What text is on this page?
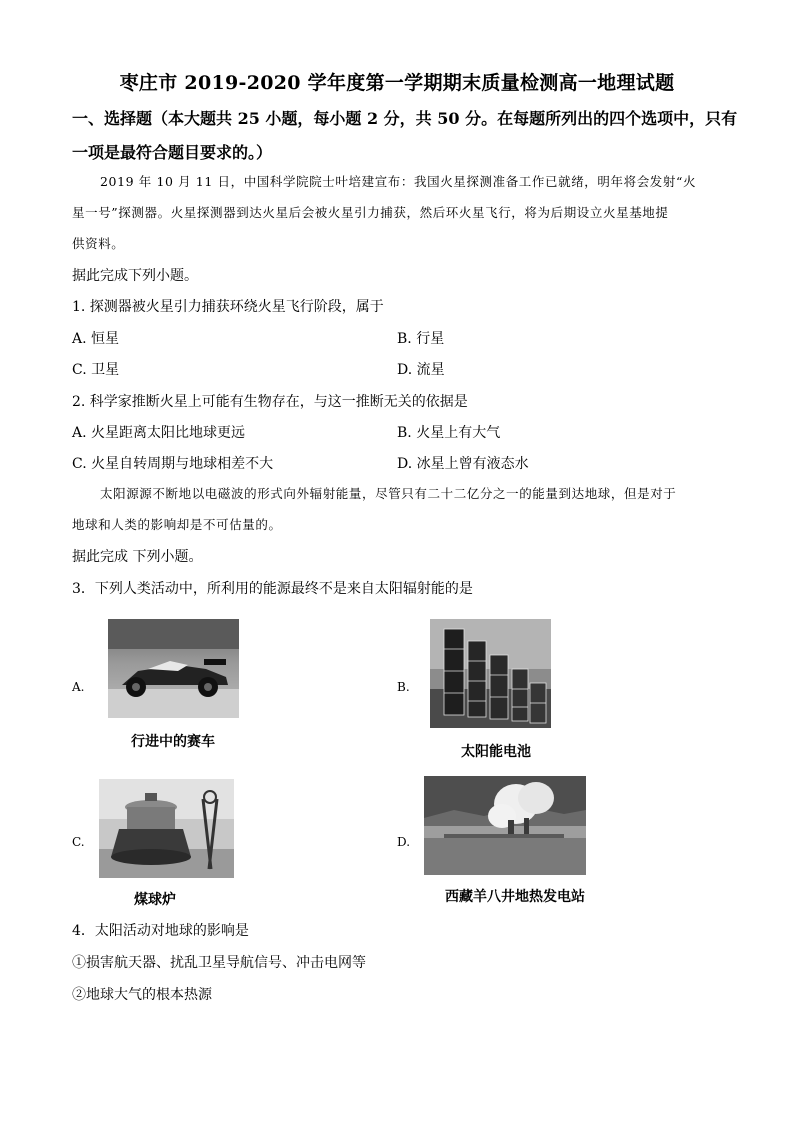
枣庄市 2019-2020 学年度第一学期期末质量检测高一地理试题
一、选择题（本大题共 25 小题，每小题 2 分，共 50 分。在每题所列出的四个选项中，只有
一项是最符合题目要求的。）
2019 年 10 月 11 日，中国科学院院士叶培建宣布：我国火星探测准备工作已就绪，明年将会发射“火
星一号”探测器。火星探测器到达火星后会被火星引力捕获，然后环火星飞行，将为后期设立火星基地提
供资料。
据此完成下列小题。
1. 探测器被火星引力捕获环绕火星飞行阶段，属于
A. 恒星	B. 行星
C. 卫星	D. 流星
2. 科学家推断火星上可能有生物存在，与这一推断无关的依据是
A. 火星距离太阳比地球更远	B. 火星上有大气
C. 火星自转周期与地球相差不大	D. 冰星上曾有液态水
太阳源源不断地以电磁波的形式向外辐射能量，尽管只有二十二亿分之一的能量到达地球，但是对于
地球和人类的影响却是不可估量的。
据此完成 下列小题。
3．下列人类活动中，所利用的能源最终不是来自太阳辐射能的是
A.
行进中的赛车
B.
太阳能电池
C.
煤球炉
D.
西藏羊八井地热发电站
4．太阳活动对地球的影响是
①损害航天器、扰乱卫星导航信号、冲击电网等
②地球大气的根本热源
